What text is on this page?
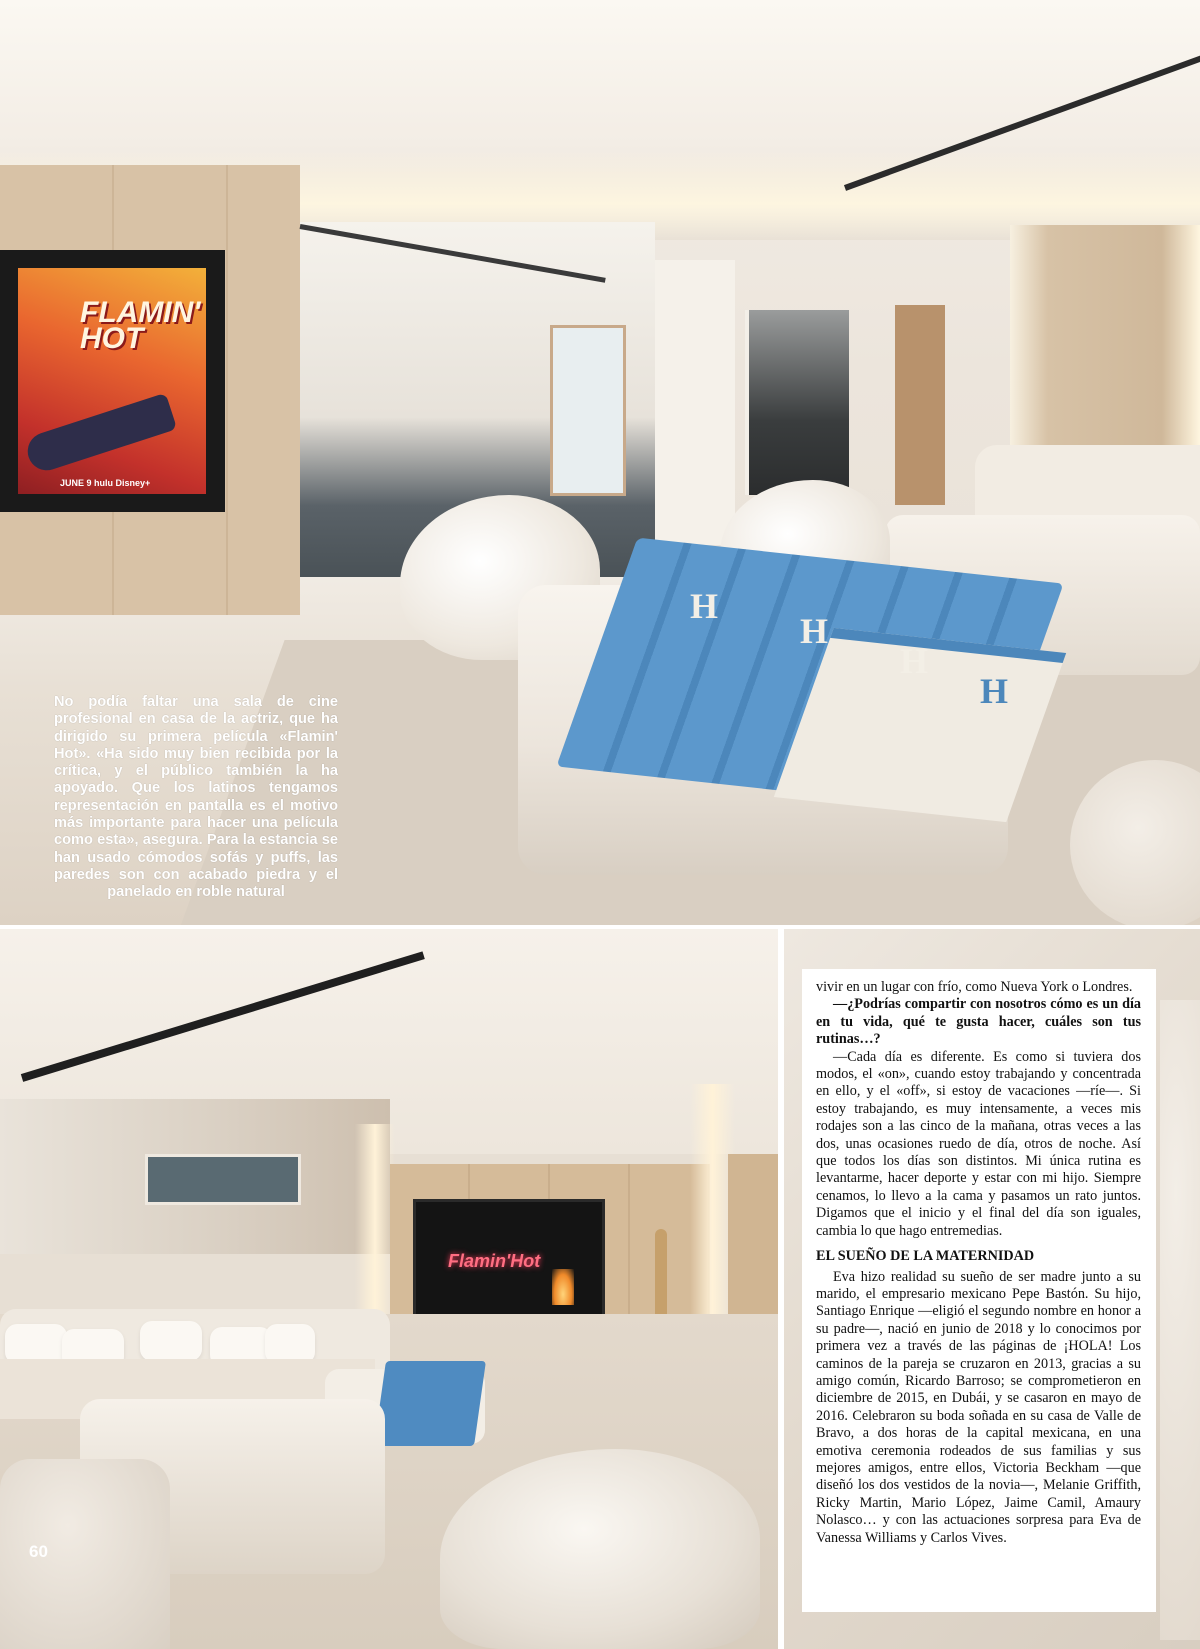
FLAMIN' HOT
JUNE 9 hulu Disney+
H
H
H
H
No podía faltar una sala de cine profesional en casa de la actriz, que ha dirigido su primera película «Flamin' Hot». «Ha sido muy bien recibida por la crítica, y el público también la ha apoyado. Que los latinos tengamos representación en pantalla es el motivo más importante para hacer una película como esta», asegura. Para la estancia se han usado cómodos sofás y puffs, las paredes son con acabado piedra y el panelado en roble natural
Flamin'Hot
60

vivir en un lugar con frío, como Nueva York o Londres.

—¿Podrías compartir con nosotros cómo es un día en tu vida, qué te gusta hacer, cuáles son tus rutinas…?

—Cada día es diferente. Es como si tuviera dos modos, el «on», cuando estoy trabajando y concentrada en ello, y el «off», si estoy de vacaciones —ríe—. Si estoy trabajando, es muy intensamente, a veces mis rodajes son a las cinco de la mañana, otras veces a las dos, unas ocasiones ruedo de día, otros de noche. Así que todos los días son distintos. Mi única rutina es levantarme, hacer deporte y estar con mi hijo. Siempre cenamos, lo llevo a la cama y pasamos un rato juntos. Digamos que el inicio y el final del día son iguales, cambia lo que hago entremedias.

EL SUEÑO DE LA MATERNIDAD

Eva hizo realidad su sueño de ser madre junto a su marido, el empresario mexicano Pepe Bastón. Su hijo, Santiago Enrique —eligió el segundo nombre en honor a su padre—, nació en junio de 2018 y lo conocimos por primera vez a través de las páginas de ¡HOLA! Los caminos de la pareja se cruzaron en 2013, gracias a su amigo común, Ricardo Barroso; se comprometieron en diciembre de 2015, en Dubái, y se casaron en mayo de 2016. Celebraron su boda soñada en su casa de Valle de Bravo, a dos horas de la capital mexicana, en una emotiva ceremonia rodeados de sus familias y sus mejores amigos, entre ellos, Victoria Beckham —que diseñó los dos vestidos de la novia—, Melanie Griffith, Ricky Martin, Mario López, Jaime Camil, Amaury Nolasco… y con las actuaciones sorpresa para Eva de Vanessa Williams y Carlos Vives.
